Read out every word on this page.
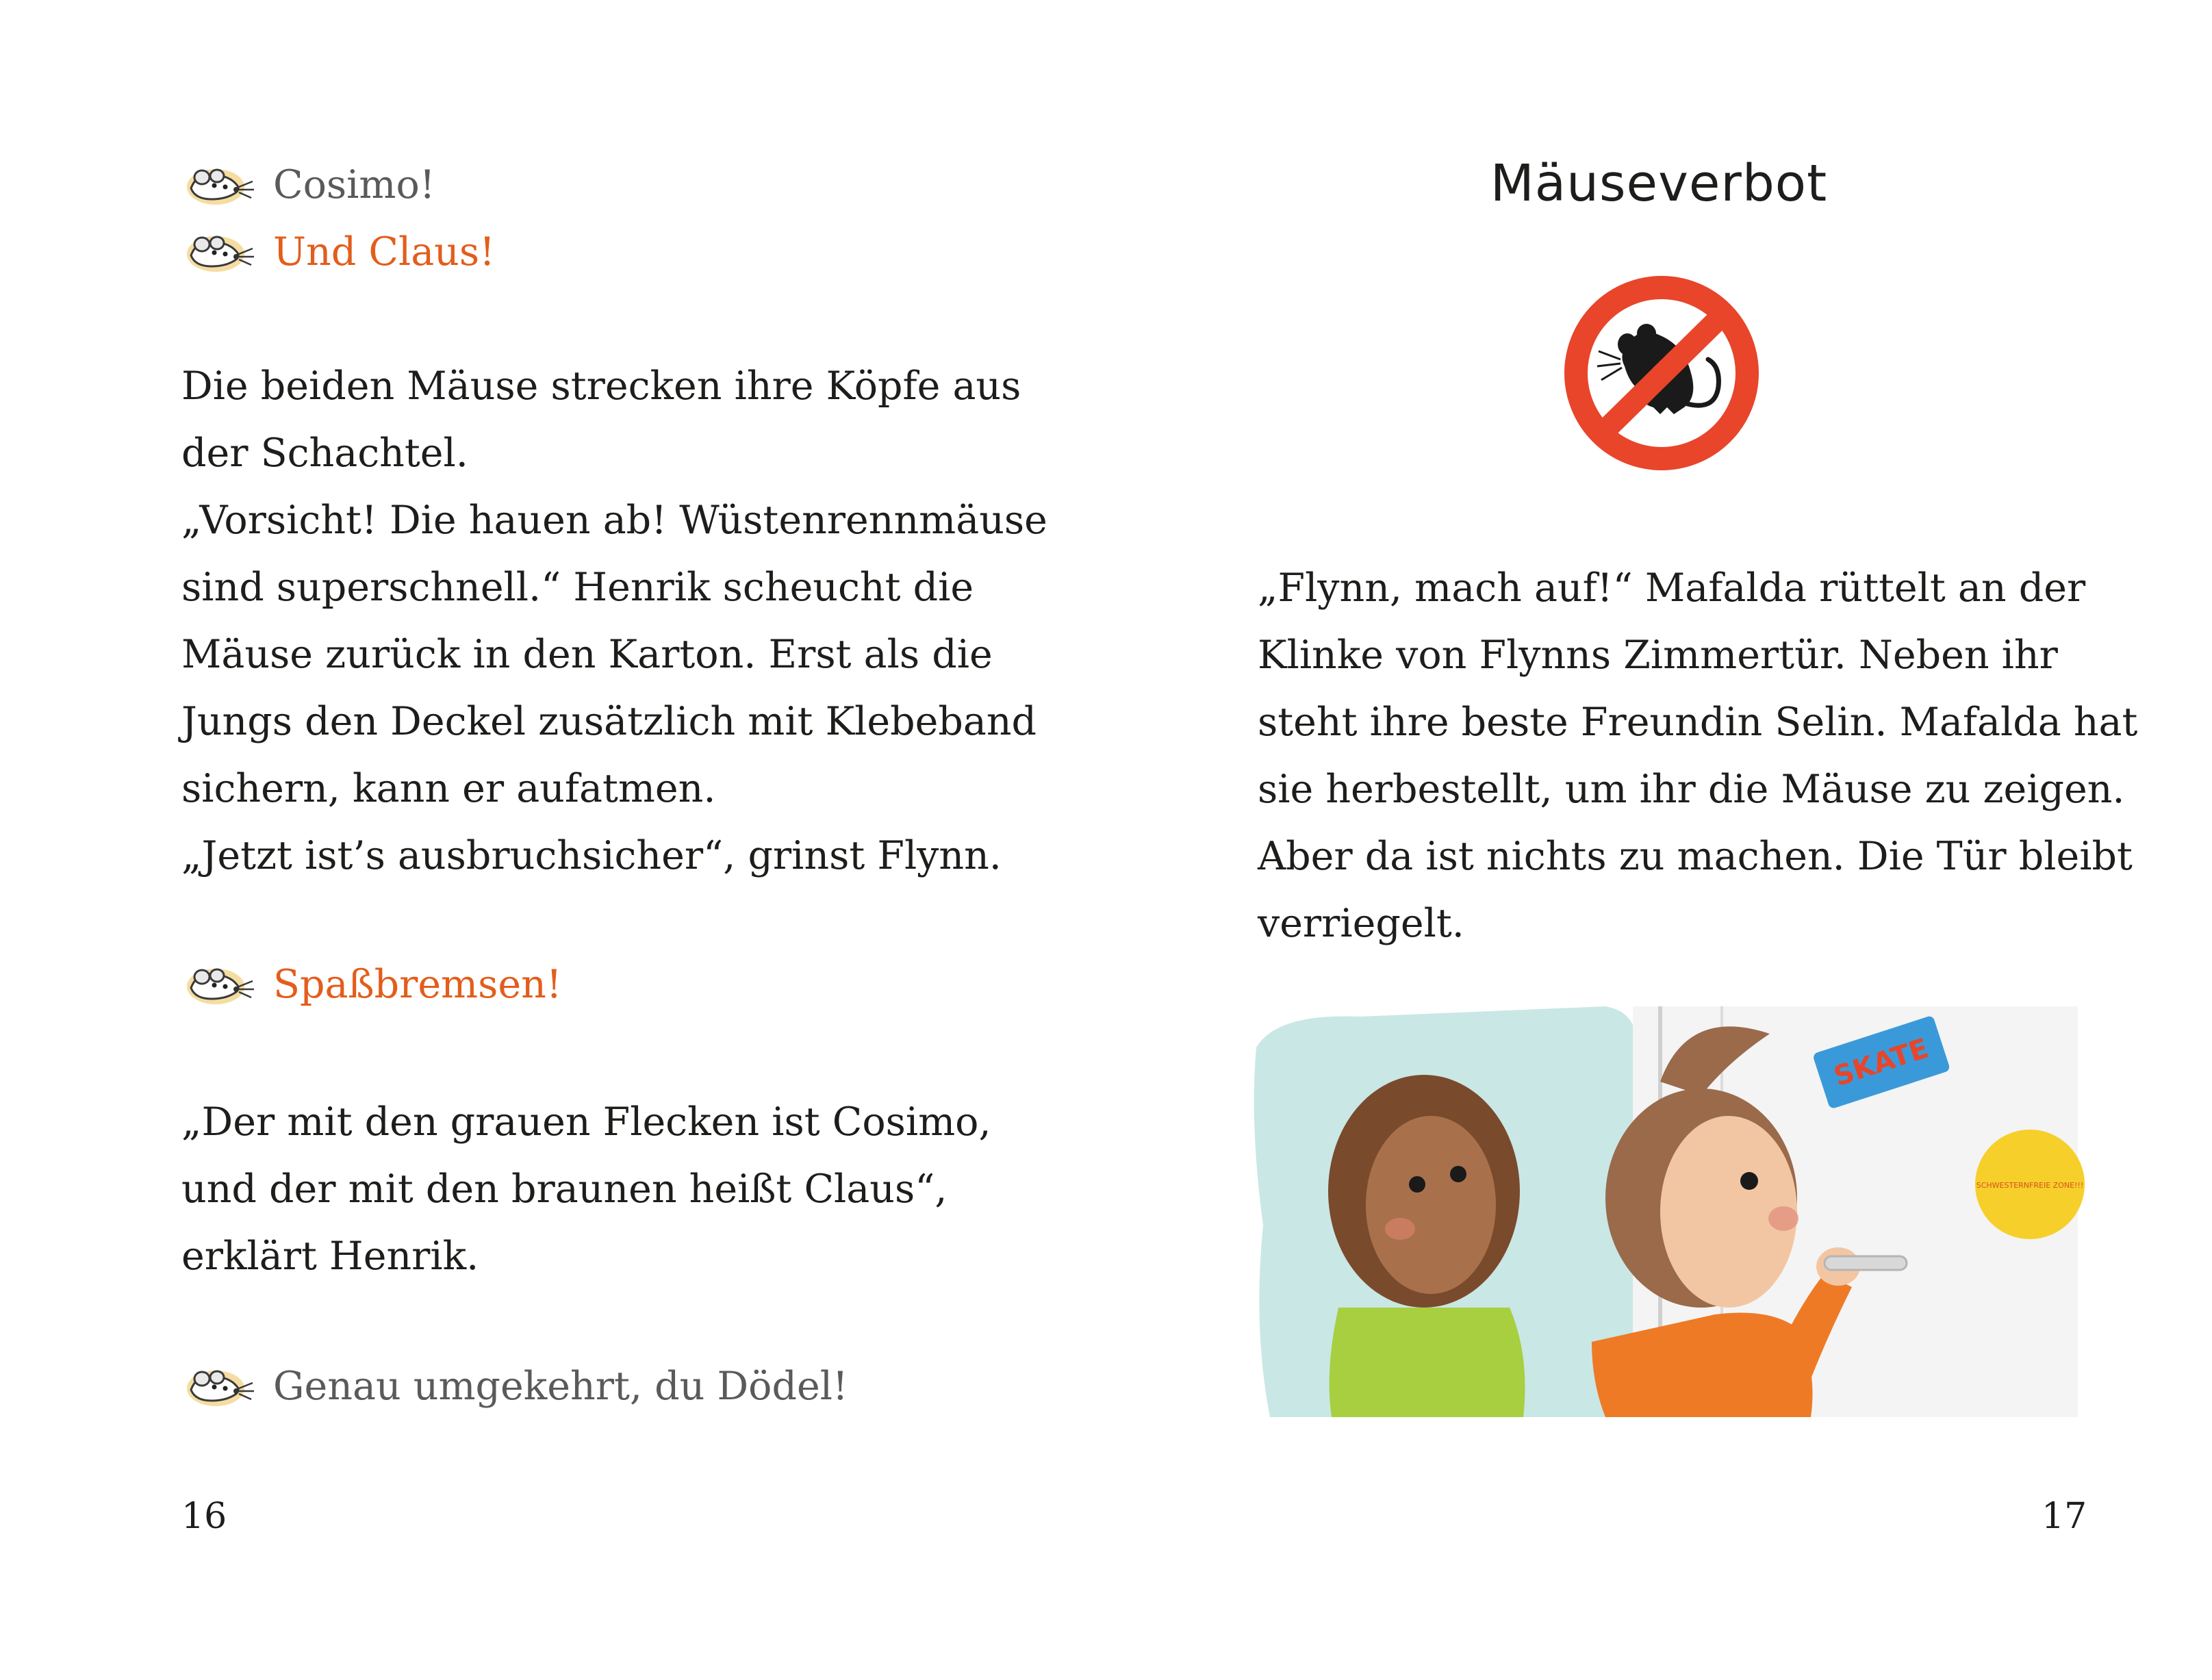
Cosimo!
Und Claus!

Die beiden Mäuse strecken ihre Köpfe aus

der Schachtel.

„Vorsicht! Die hauen ab! Wüstenrennmäuse

sind superschnell.“ Henrik scheucht die

Mäuse zurück in den Karton. Erst als die

Jungs den Deckel zusätzlich mit Klebeband

sichern, kann er aufatmen.

„Jetzt ist’s ausbruchsicher“, grinst Flynn.

Spaßbremsen!

„Der mit den grauen Flecken ist Cosimo,

und der mit den braunen heißt Claus“,

erklärt Henrik.

Genau umgekehrt, du Dödel!
16
Mäuseverbot

„Flynn, mach auf!“ Mafalda rüttelt an der

Klinke von Flynns Zimmertür. Neben ihr

steht ihre beste Freundin Selin. Mafalda hat

sie herbestellt, um ihr die Mäuse zu zeigen.

Aber da ist nichts zu machen. Die Tür bleibt

verriegelt.

SKATE
SCHWESTERNFREIE ZONE!!!
17
